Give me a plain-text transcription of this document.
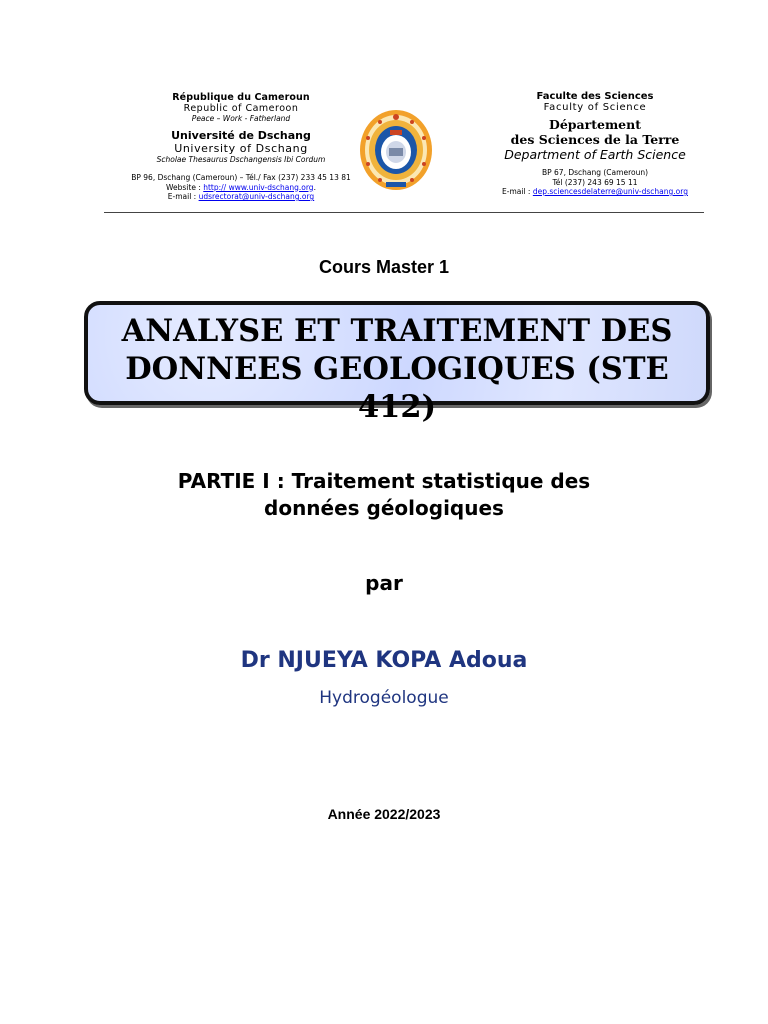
République du Cameroun
Republic of Cameroon
Peace – Work - Fatherland
Université de Dschang
University of Dschang
Scholae Thesaurus Dschangensis Ibi Cordum
BP 96, Dschang (Cameroun) – Tél./ Fax (237) 233 45 13 81
Website : http:// www.univ-dschang.org.
E-mail : udsrectorat@univ-dschang.org
Faculte des Sciences
Faculty of Science
Département
des Sciences de la Terre
Department of Earth Science
BP 67, Dschang (Cameroun)
Tél (237) 243 69 15 11
E-mail : dep.sciencesdelaterre@univ-dschang.org
Cours Master 1
ANALYSE ET TRAITEMENT DES
DONNEES GEOLOGIQUES (STE 412)
PARTIE I : Traitement statistique des
données géologiques
par
Dr NJUEYA KOPA Adoua
Hydrogéologue
Année 2022/2023
